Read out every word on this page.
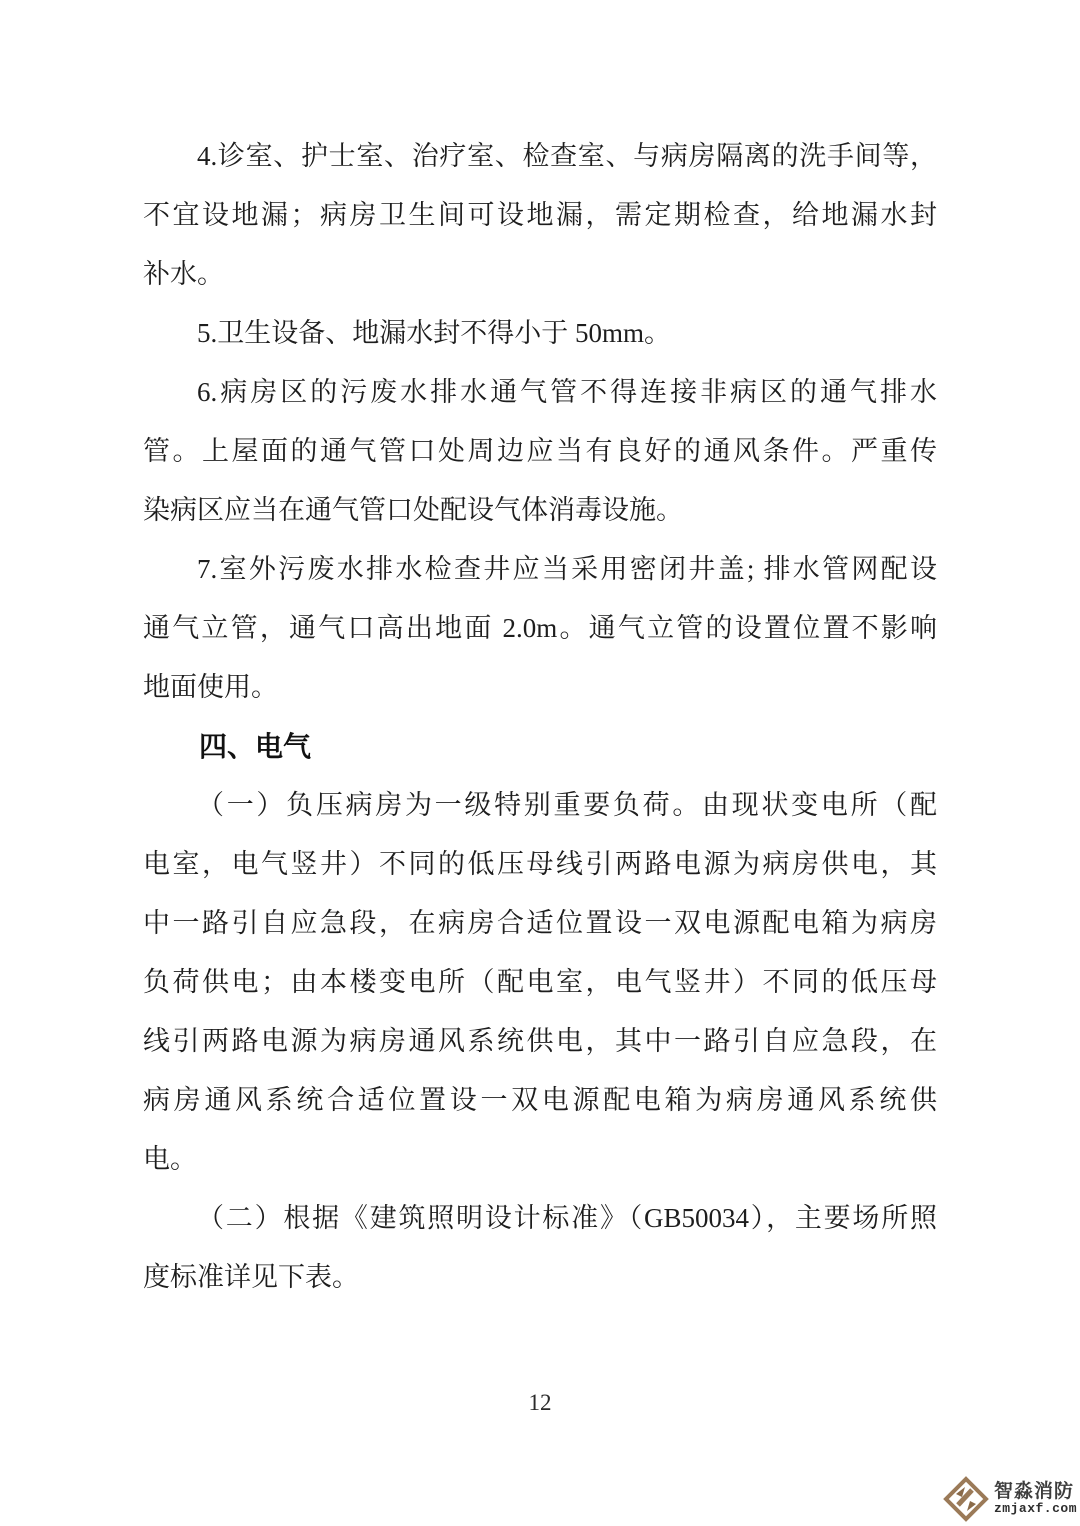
4.诊室、护士室、治疗室、检查室、与病房隔离的洗手间等，
不宜设地漏；病房卫生间可设地漏，需定期检查，给地漏水封
补水。

5.卫生设备、地漏水封不得小于 50mm。

6.病房区的污废水排水通气管不得连接非病区的通气排水
管。上屋面的通气管口处周边应当有良好的通风条件。严重传
染病区应当在通气管口处配设气体消毒设施。

7.室外污废水排水检查井应当采用密闭井盖; 排水管网配设
通气立管，通气口高出地面 2.0m。通气立管的设置位置不影响
地面使用。

四、电气

（一）负压病房为一级特别重要负荷。由现状变电所（配
电室，电气竖井）不同的低压母线引两路电源为病房供电，其
中一路引自应急段，在病房合适位置设一双电源配电箱为病房
负荷供电；由本楼变电所（配电室，电气竖井）不同的低压母
线引两路电源为病房通风系统供电，其中一路引自应急段，在
病房通风系统合适位置设一双电源配电箱为病房通风系统供
电。

（二）根据《建筑照明设计标准》（GB50034），主要场所照
度标准详见下表。

12
智淼消防
zmjaxf.com
